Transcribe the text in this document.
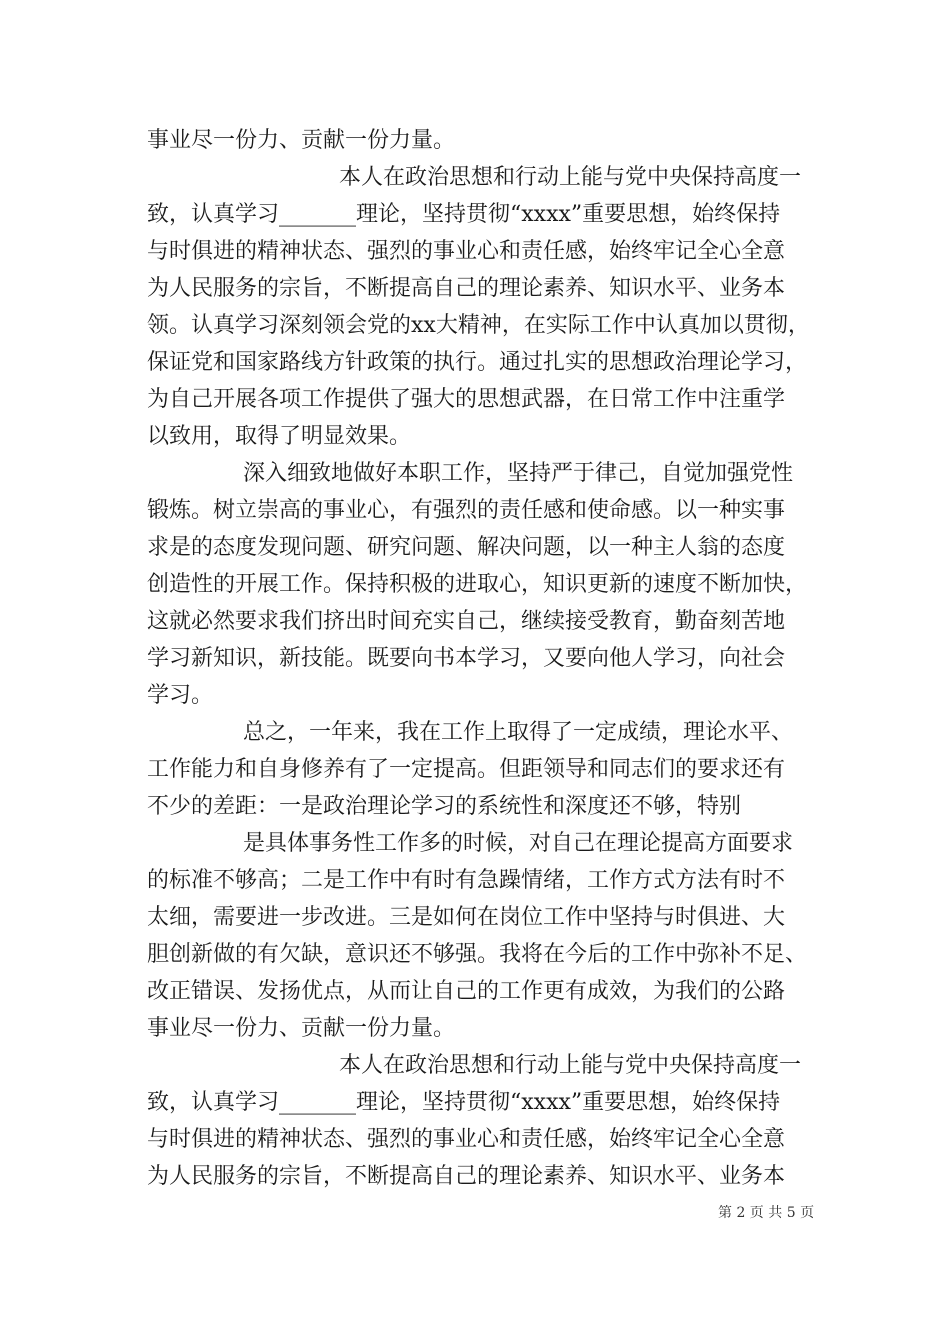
事业尽一份力、贡献一份力量。
本人在政治思想和行动上能与党中央保持高度一
致，认真学习_______理论，坚持贯彻“xxxx”重要思想，始终保持
与时俱进的精神状态、强烈的事业心和责任感，始终牢记全心全意
为人民服务的宗旨，不断提高自己的理论素养、知识水平、业务本
领。认真学习深刻领会党的xx大精神，在实际工作中认真加以贯彻，
保证党和国家路线方针政策的执行。通过扎实的思想政治理论学习，
为自己开展各项工作提供了强大的思想武器，在日常工作中注重学
以致用，取得了明显效果。
深入细致地做好本职工作，坚持严于律己，自觉加强党性
锻炼。树立崇高的事业心，有强烈的责任感和使命感。以一种实事
求是的态度发现问题、研究问题、解决问题，以一种主人翁的态度
创造性的开展工作。保持积极的进取心，知识更新的速度不断加快，
这就必然要求我们挤出时间充实自己，继续接受教育，勤奋刻苦地
学习新知识，新技能。既要向书本学习，又要向他人学习，向社会
学习。
总之，一年来，我在工作上取得了一定成绩，理论水平、
工作能力和自身修养有了一定提高。但距领导和同志们的要求还有
不少的差距：一是政治理论学习的系统性和深度还不够，特别
是具体事务性工作多的时候，对自己在理论提高方面要求
的标准不够高；二是工作中有时有急躁情绪，工作方式方法有时不
太细，需要进一步改进。三是如何在岗位工作中坚持与时俱进、大
胆创新做的有欠缺，意识还不够强。我将在今后的工作中弥补不足、
改正错误、发扬优点，从而让自己的工作更有成效，为我们的公路
事业尽一份力、贡献一份力量。
本人在政治思想和行动上能与党中央保持高度一
致，认真学习_______理论，坚持贯彻“xxxx”重要思想，始终保持
与时俱进的精神状态、强烈的事业心和责任感，始终牢记全心全意
为人民服务的宗旨，不断提高自己的理论素养、知识水平、业务本
第 2 页 共 5 页
